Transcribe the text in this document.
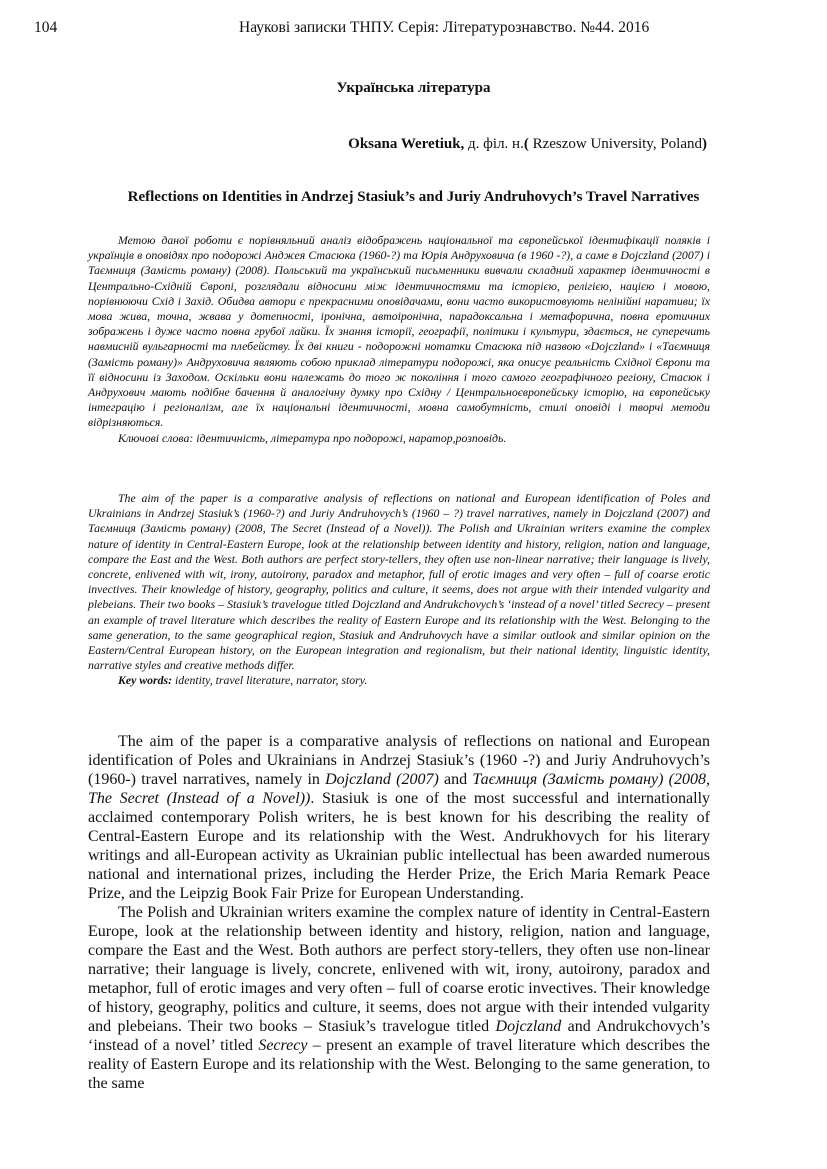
104	Наукові записки ТНПУ. Серія: Літературознавство. №44. 2016
Українська література
Oksana Weretiuk, д. філ. н.( Rzeszow University, Poland)
Reflections on Identities in Andrzej Stasiuk’s and Juriy Andruhovych’s Travel Narratives

Метою даної роботи є порівняльний аналіз відображень національної та європейської ідентифікації поляків і українців в оповідях про подорожі Анджея Стасюка (1960-?) та Юрія Андруховича (в 1960 -?), а саме в Dojczland (2007) і Таємниця (Замість роману) (2008). Польський та український письменники вивчали складний характер ідентичності в Центрально-Східній Європі, розглядали відносини між ідентичностями та історією, релігією, нацією і мовою, порівнюючи Схід і Захід. Обидва автори є прекрасними оповідачами, вони часто використовують нелінійні наративи; їх мова жива, точна, жвава у дотепності, іронічна, автоіронічна, парадоксальна і метафорична, повна еротичних зображень і дуже часто повна грубої лайки. Їх знання історії, географії, політики і культури, здається, не суперечить навмисній вульгарності та плебейству. Їх дві книги - подорожні нотатки Стасюка під назвою «Dojczland» і «Таємниця (Замість роману)» Андруховича являють собою приклад літератури подорожі, яка описує реальність Східної Європи та її відносини із Заходом. Оскільки вони належать до того ж покоління і того самого географічного регіону, Стасюк і Андрухович мають подібне бачення й аналогічну думку про Східну / Центральноєвропейську історію, на європейську інтеграцію і регіоналізм, але їх національні ідентичності, мовна самобутність, стилі оповіді і творчі методи відрізняються.

Ключові слова: ідентичність, література про подорожі, наратор,розповідь.

The aim of the paper is a comparative analysis of reflections on national and European identification of Poles and Ukrainians in Andrzej Stasiuk’s (1960-?) and Juriy Andruhovych’s (1960 – ?) travel narratives, namely in Dojczland (2007) and Таємниця (Замість роману) (2008, The Secret (Instead of a Novel)). The Polish and Ukrainian writers examine the complex nature of identity in Central-Eastern Europe, look at the relationship between identity and history, religion, nation and language, compare the East and the West. Both authors are perfect story-tellers, they often use non-linear narrative; their language is lively, concrete, enlivened with wit, irony, autoirony, paradox and metaphor, full of erotic images and very often – full of coarse erotic invectives. Their knowledge of history, geography, politics and culture, it seems, does not argue with their intended vulgarity and plebeians. Their two books – Stasiuk’s travelogue titled Dojczland and Andrukchovych’s ‘instead of a novel’ titled Secrecy – present an example of travel literature which describes the reality of Eastern Europe and its relationship with the West. Belonging to the same generation, to the same geographical region, Stasiuk and Andruhovych have a similar outlook and similar opinion on the Eastern/Central European history, on the European integration and regionalism, but their national identity, linguistic identity, narrative styles and creative methods differ.

Key words: identity, travel literature, narrator, story.

The aim of the paper is a comparative analysis of reflections on national and European identification of Poles and Ukrainians in Andrzej Stasiuk’s (1960 -?) and Juriy Andruhovych’s (1960-) travel narratives, namely in Dojczland (2007) and Таємниця (Замість роману) (2008, The Secret (Instead of a Novel)). Stasiuk is one of the most successful and internationally acclaimed contemporary Polish writers, he is best known for his describing the reality of Central-Eastern Europe and its relationship with the West. Andrukhovych for his literary writings and all-European activity as Ukrainian public intellectual has been awarded numerous national and international prizes, including the Herder Prize, the Erich Maria Remark Peace Prize, and the Leipzig Book Fair Prize for European Understanding.

The Polish and Ukrainian writers examine the complex nature of identity in Central-Eastern Europe, look at the relationship between identity and history, religion, nation and language, compare the East and the West. Both authors are perfect story-tellers, they often use non-linear narrative; their language is lively, concrete, enlivened with wit, irony, autoirony, paradox and metaphor, full of erotic images and very often – full of coarse erotic invectives. Their knowledge of history, geography, politics and culture, it seems, does not argue with their intended vulgarity and plebeians. Their two books – Stasiuk’s travelogue titled Dojczland and Andrukchovych’s ‘instead of a novel’ titled Secrecy – present an example of travel literature which describes the reality of Eastern Europe and its relationship with the West. Belonging to the same generation, to the same
